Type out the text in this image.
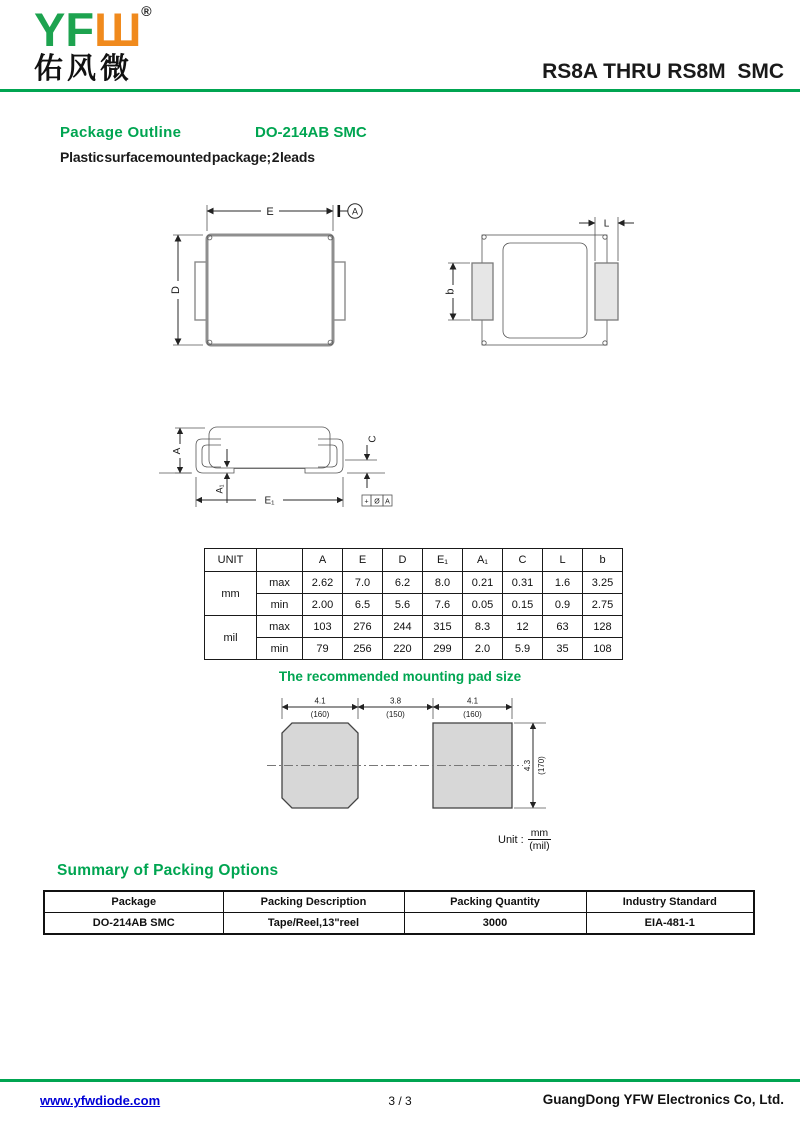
YFШ®
佑风微	RS8A THRU RS8M  SMC
Package Outline	DO-214AB SMC
Plastic surface mounted package; 2 leads
E	A
D	b
L
A
A₁
E₁
C
+ Ø A
UNIT		A	E	D	E₁	A₁	C	L	b
mm	max	2.62	7.0	6.2	8.0	0.21	0.31	1.6	3.25
	min	2.00	6.5	5.6	7.6	0.05	0.15	0.9	2.75
mil	max	103	276	244	315	8.3	12	63	128
	min	79	256	220	299	2.0	5.9	35	108
The recommended mounting pad size
4.1
(160)
3.8
(150)
4.1
(160)
4.3 (170)
Unit : $\frac{mm}{\text{(mil)}}$
Summary of Packing Options
Package	Packing Description	Packing Quantity	Industry Standard
DO-214AB SMC	Tape/Reel,13"reel	3000	EIA-481-1
3 / 3
www.yfwdiode.com	GuangDong YFW Electronics Co, Ltd.
